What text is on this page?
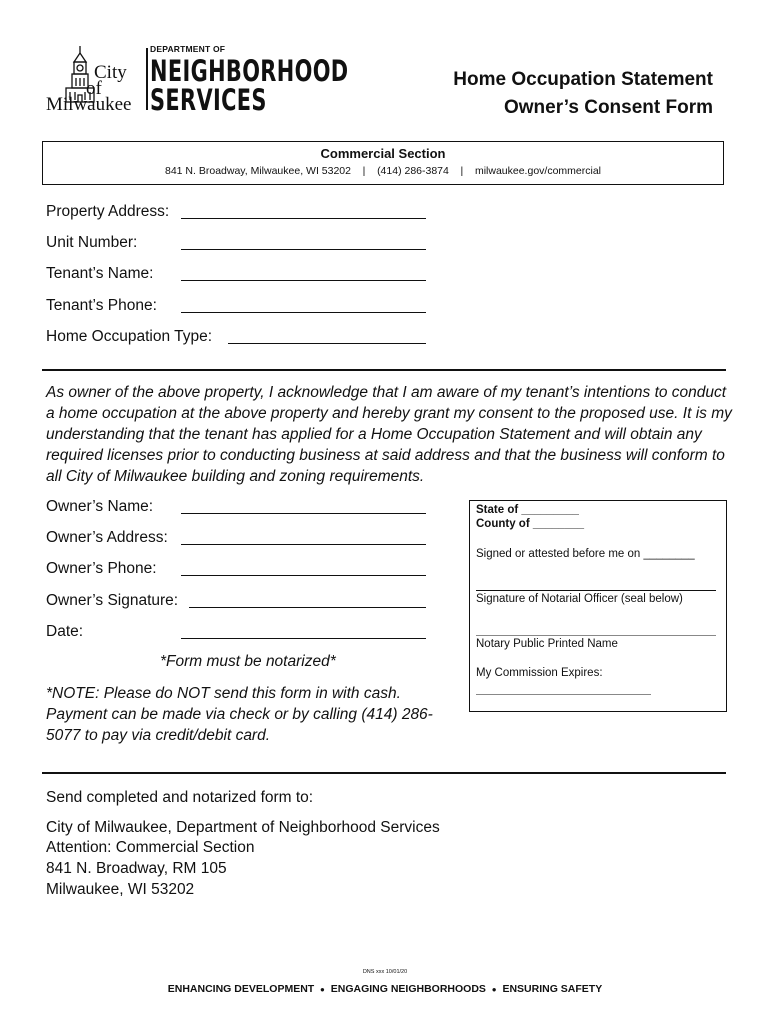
City
of
Milwaukee
DEPARTMENT OF
NEIGHBORHOOD
SERVICES
Home Occupation Statement
Owner’s Consent Form
Commercial Section
841 N. Broadway, Milwaukee, WI 53202 | (414) 286-3874 | milwaukee.gov/commercial
Property Address:
Unit Number:
Tenant’s Name:
Tenant’s Phone:
Home Occupation Type:
As owner of the above property, I acknowledge that I am aware of my tenant’s intentions to conduct a home occupation at the above property and hereby grant my consent to the proposed use. It is my understanding that the tenant has applied for a Home Occupation Statement and will obtain any required licenses prior to conducting business at said address and that the business will conform to all City of Milwaukee building and zoning requirements.
Owner’s Name:
Owner’s Address:
Owner’s Phone:
Owner’s Signature:
Date:
*Form must be notarized*
*NOTE: Please do NOT send this form in with cash. Payment can be made via check or by calling (414) 286-5077 to pay via credit/debit card.
State of _________
County of ________
Signed or attested before me on ________
Signature of Notarial Officer (seal below)
Notary Public Printed Name
My Commission Expires:
Send completed and notarized form to:
City of Milwaukee, Department of Neighborhood Services
Attention: Commercial Section
841 N. Broadway, RM 105
Milwaukee, WI 53202
DNS xxx 10/01/20
ENHANCING DEVELOPMENT ● ENGAGING NEIGHBORHOODS ● ENSURING SAFETY
